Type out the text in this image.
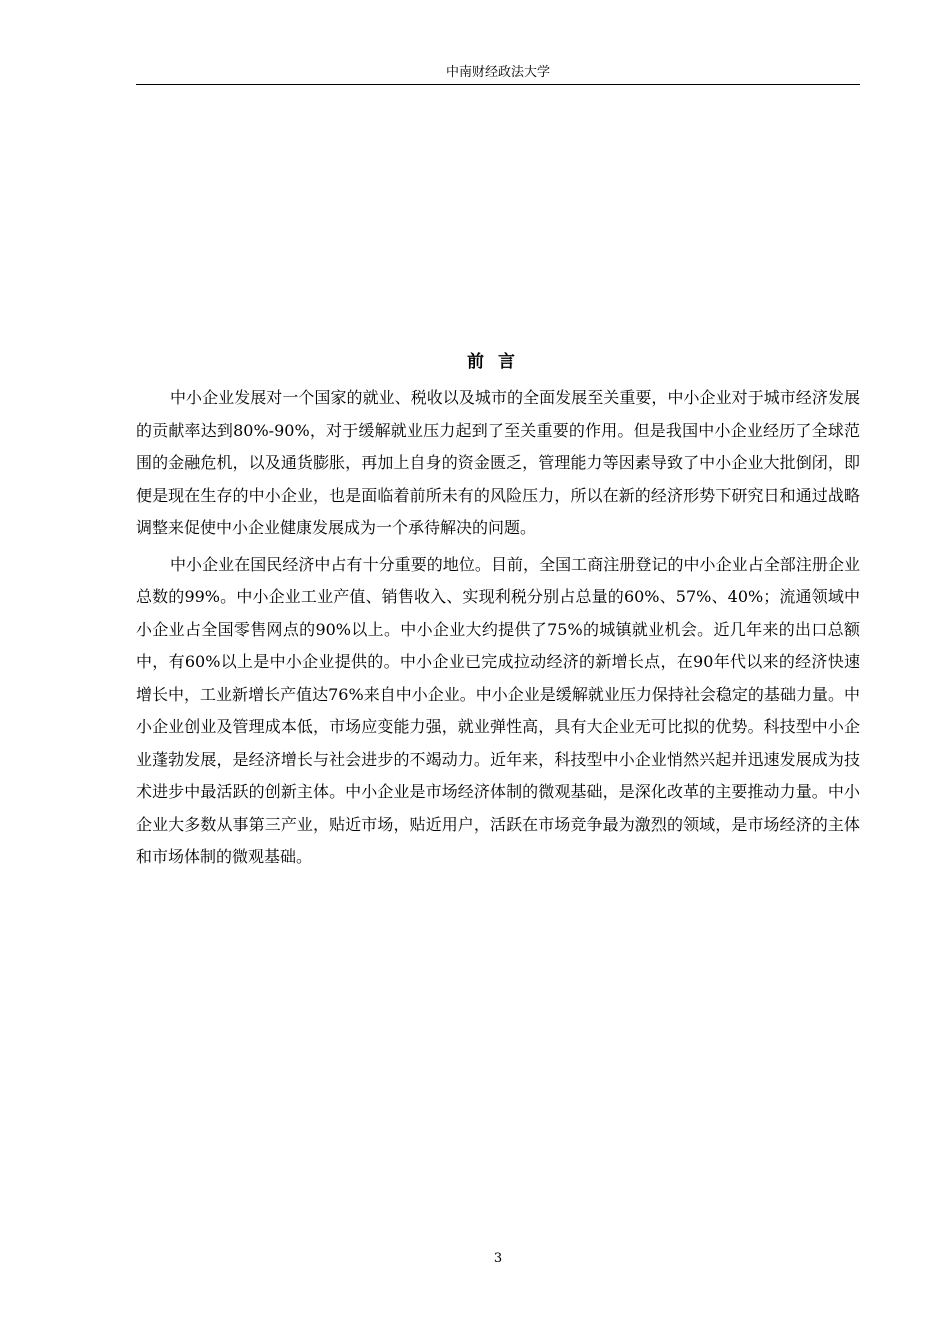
中南财经政法大学
前言

中小企业发展对一个国家的就业、税收以及城市的全面发展至关重要，中小企业对于城市经济发展的贡献率达到80%-90%，对于缓解就业压力起到了至关重要的作用。但是我国中小企业经历了全球范围的金融危机，以及通货膨胀，再加上自身的资金匮乏，管理能力等因素导致了中小企业大批倒闭，即便是现在生存的中小企业，也是面临着前所未有的风险压力，所以在新的经济形势下研究日和通过战略调整来促使中小企业健康发展成为一个承待解决的问题。

中小企业在国民经济中占有十分重要的地位。目前，全国工商注册登记的中小企业占全部注册企业总数的99%。中小企业工业产值、销售收入、实现利税分别占总量的60%、57%、40%；流通领域中小企业占全国零售网点的90%以上。中小企业大约提供了75%的城镇就业机会。近几年来的出口总额中，有60%以上是中小企业提供的。中小企业已完成拉动经济的新增长点，在90年代以来的经济快速增长中，工业新增长产值达76%来自中小企业。中小企业是缓解就业压力保持社会稳定的基础力量。中小企业创业及管理成本低，市场应变能力强，就业弹性高，具有大企业无可比拟的优势。科技型中小企业蓬勃发展，是经济增长与社会进步的不竭动力。近年来，科技型中小企业悄然兴起并迅速发展成为技术进步中最活跃的创新主体。中小企业是市场经济体制的微观基础，是深化改革的主要推动力量。中小企业大多数从事第三产业，贴近市场，贴近用户，活跃在市场竞争最为激烈的领域，是市场经济的主体和市场体制的微观基础。

3
